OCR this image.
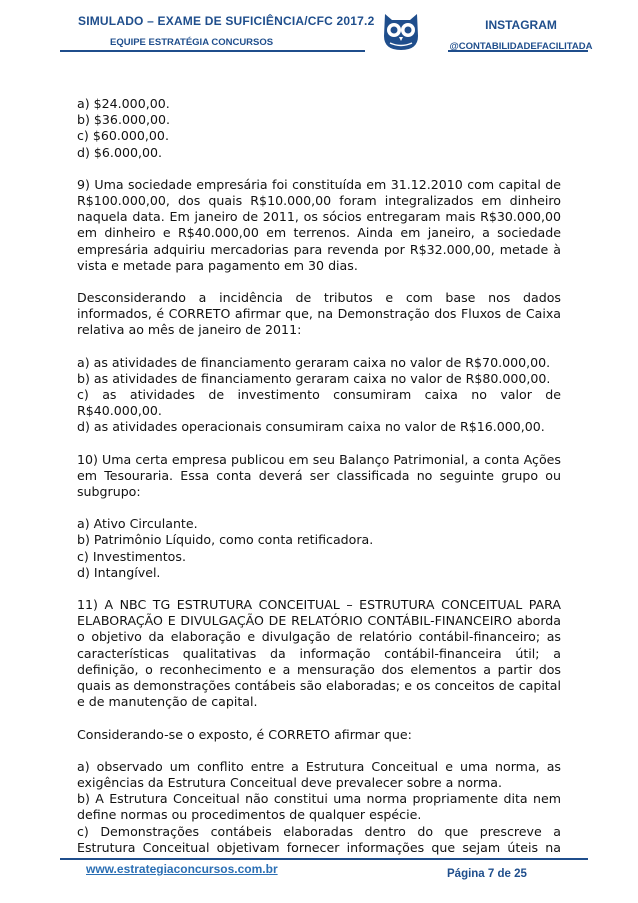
SIMULADO – EXAME DE SUFICIÊNCIA/CFC 2017.2
EQUIPE ESTRATÉGIA CONCURSOS
INSTAGRAM
@CONTABILIDADEFACILITADA

a) $24.000,00.

b) $36.000,00.

c) $60.000,00.

d) $6.000,00.

9) Uma sociedade empresária foi constituída em 31.12.2010 com capital de R$100.000,00, dos quais R$10.000,00 foram integralizados em dinheiro naquela data. Em janeiro de 2011, os sócios entregaram mais R$30.000,00 em dinheiro e R$40.000,00 em terrenos. Ainda em janeiro, a sociedade empresária adquiriu mercadorias para revenda por R$32.000,00, metade à vista e metade para pagamento em 30 dias.

Desconsiderando a incidência de tributos e com base nos dados informados, é CORRETO afirmar que, na Demonstração dos Fluxos de Caixa relativa ao mês de janeiro de 2011:

a) as atividades de financiamento geraram caixa no valor de R$70.000,00.

b) as atividades de financiamento geraram caixa no valor de R$80.000,00.

c) as atividades de investimento consumiram caixa no valor de R$40.000,00.

d) as atividades operacionais consumiram caixa no valor de R$16.000,00.

10) Uma certa empresa publicou em seu Balanço Patrimonial, a conta Ações em Tesouraria. Essa conta deverá ser classificada no seguinte grupo ou subgrupo:

a) Ativo Circulante.

b) Patrimônio Líquido, como conta retificadora.

c) Investimentos.

d) Intangível.

11) A NBC TG ESTRUTURA CONCEITUAL – ESTRUTURA CONCEITUAL PARA ELABORAÇÃO E DIVULGAÇÃO DE RELATÓRIO CONTÁBIL-FINANCEIRO aborda o objetivo da elaboração e divulgação de relatório contábil-financeiro; as características qualitativas da informação contábil-financeira útil; a definição, o reconhecimento e a mensuração dos elementos a partir dos quais as demonstrações contábeis são elaboradas; e os conceitos de capital e de manutenção de capital.

Considerando-se o exposto, é CORRETO afirmar que:

a) observado um conflito entre a Estrutura Conceitual e uma norma, as exigências da Estrutura Conceitual deve prevalecer sobre a norma.

b) A Estrutura Conceitual não constitui uma norma propriamente dita nem define normas ou procedimentos de qualquer espécie.

c) Demonstrações contábeis elaboradas dentro do que prescreve a Estrutura Conceitual objetivam fornecer informações que sejam úteis na

www.estrategiaconcursos.com.br	Página 7 de 25
